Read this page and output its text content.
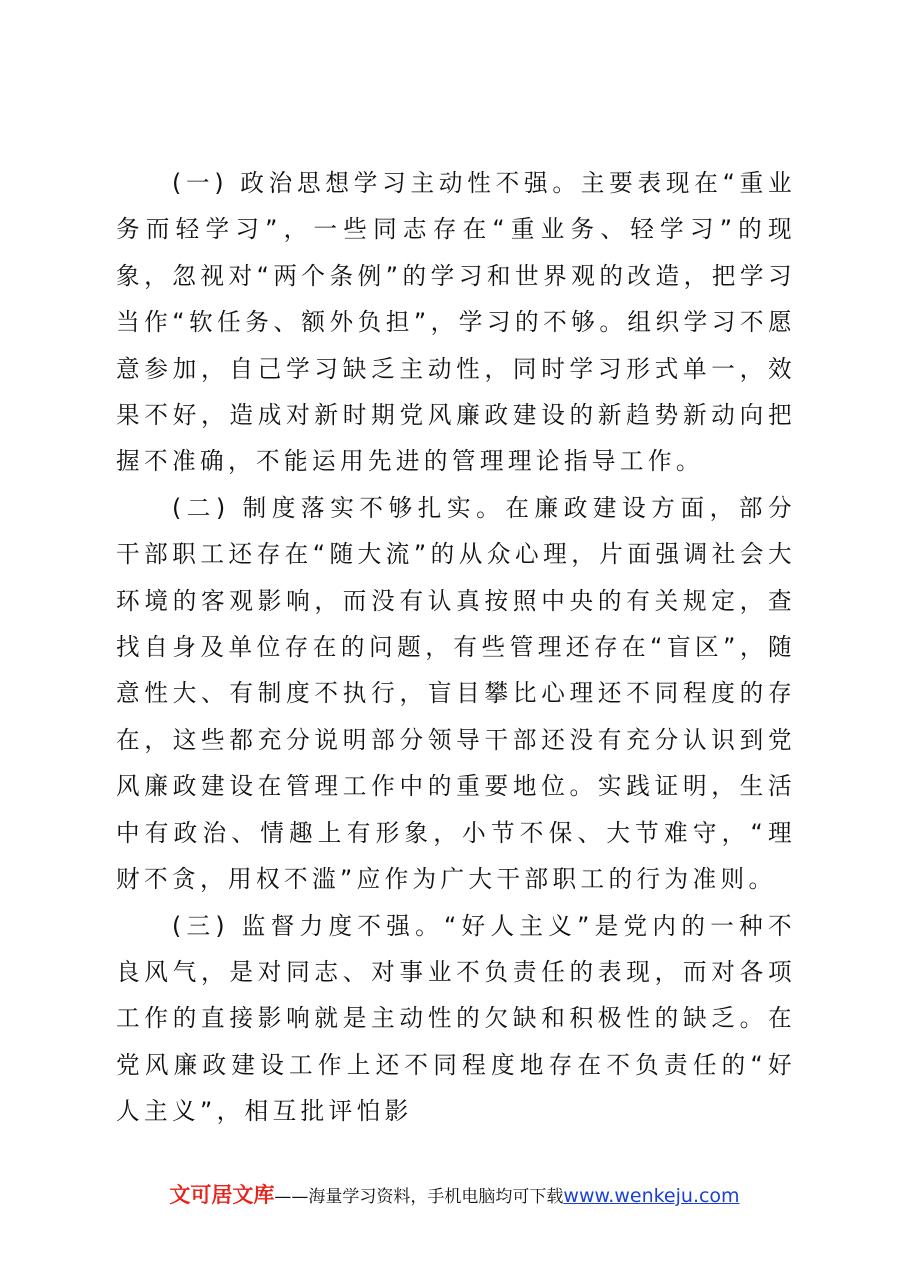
(一) 政治思想学习主动性不强。主要表现在“重业务而轻学习”，一些同志存在“重业务、轻学习”的现象，忽视对“两个条例”的学习和世界观的改造，把学习当作“软任务、额外负担”，学习的不够。组织学习不愿意参加，自己学习缺乏主动性，同时学习形式单一，效果不好，造成对新时期党风廉政建设的新趋势新动向把握不准确，不能运用先进的管理理论指导工作。

(二) 制度落实不够扎实。在廉政建设方面，部分干部职工还存在“随大流”的从众心理，片面强调社会大环境的客观影响，而没有认真按照中央的有关规定，查找自身及单位存在的问题，有些管理还存在“盲区”，随意性大、有制度不执行，盲目攀比心理还不同程度的存在，这些都充分说明部分领导干部还没有充分认识到党风廉政建设在管理工作中的重要地位。实践证明，生活中有政治、情趣上有形象，小节不保、大节难守，“理财不贪，用权不滥”应作为广大干部职工的行为准则。

(三) 监督力度不强。“好人主义”是党内的一种不良风气，是对同志、对事业不负责任的表现，而对各项工作的直接影响就是主动性的欠缺和积极性的缺乏。在党风廉政建设工作上还不同程度地存在不负责任的“好人主义”，相互批评怕影

文可居文库——海量学习资料，手机电脑均可下载www.wenkeju.com
